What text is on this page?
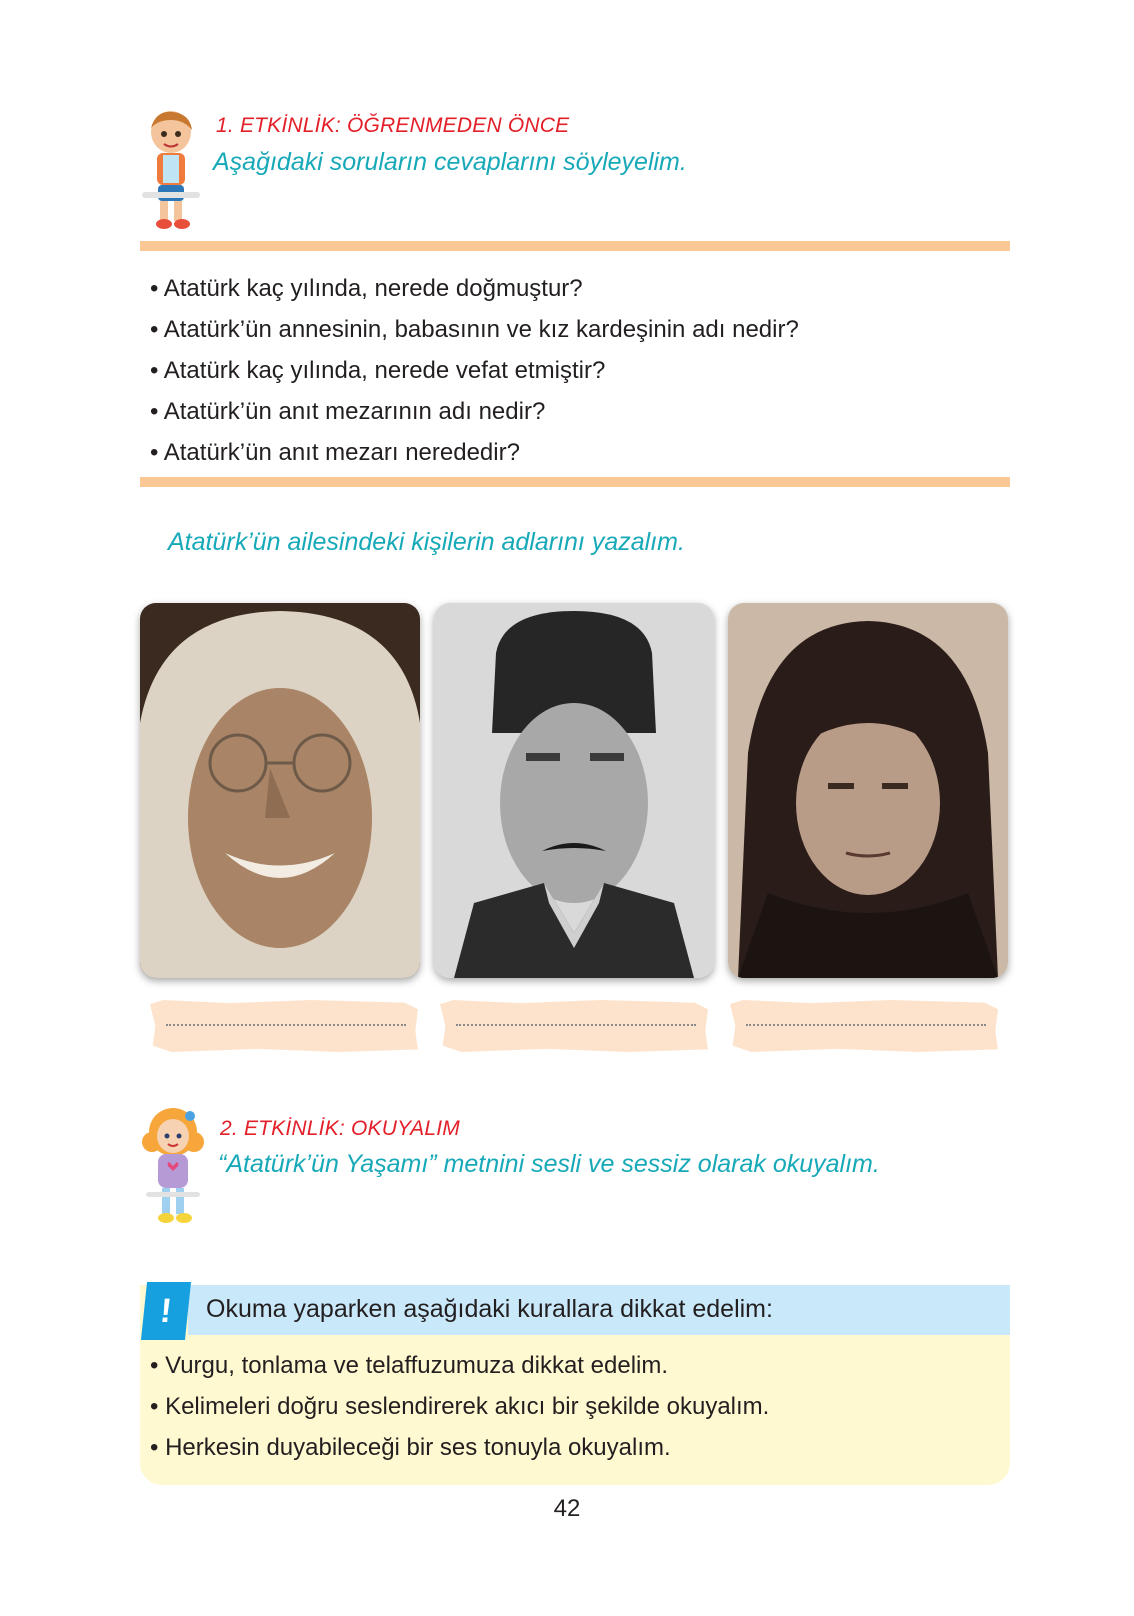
1. ETKİNLİK: ÖĞRENMEDEN ÖNCE
Aşağıdaki soruların cevaplarını söyleyelim.
• Atatürk kaç yılında, nerede doğmuştur?
• Atatürk’ün annesinin, babasının ve kız kardeşinin adı nedir?
• Atatürk kaç yılında, nerede vefat etmiştir?
• Atatürk’ün anıt mezarının adı nedir?
• Atatürk’ün anıt mezarı nerededir?
Atatürk’ün ailesindeki kişilerin adlarını yazalım.
2. ETKİNLİK: OKUYALIM
“Atatürk’ün Yaşamı” metnini sesli ve sessiz olarak okuyalım.
Okuma yaparken aşağıdaki kurallara dikkat edelim:
!
• Vurgu, tonlama ve telaffuzumuza dikkat edelim.
• Kelimeleri doğru seslendirerek akıcı bir şekilde okuyalım.
• Herkesin duyabileceği bir ses tonuyla okuyalım.
42
